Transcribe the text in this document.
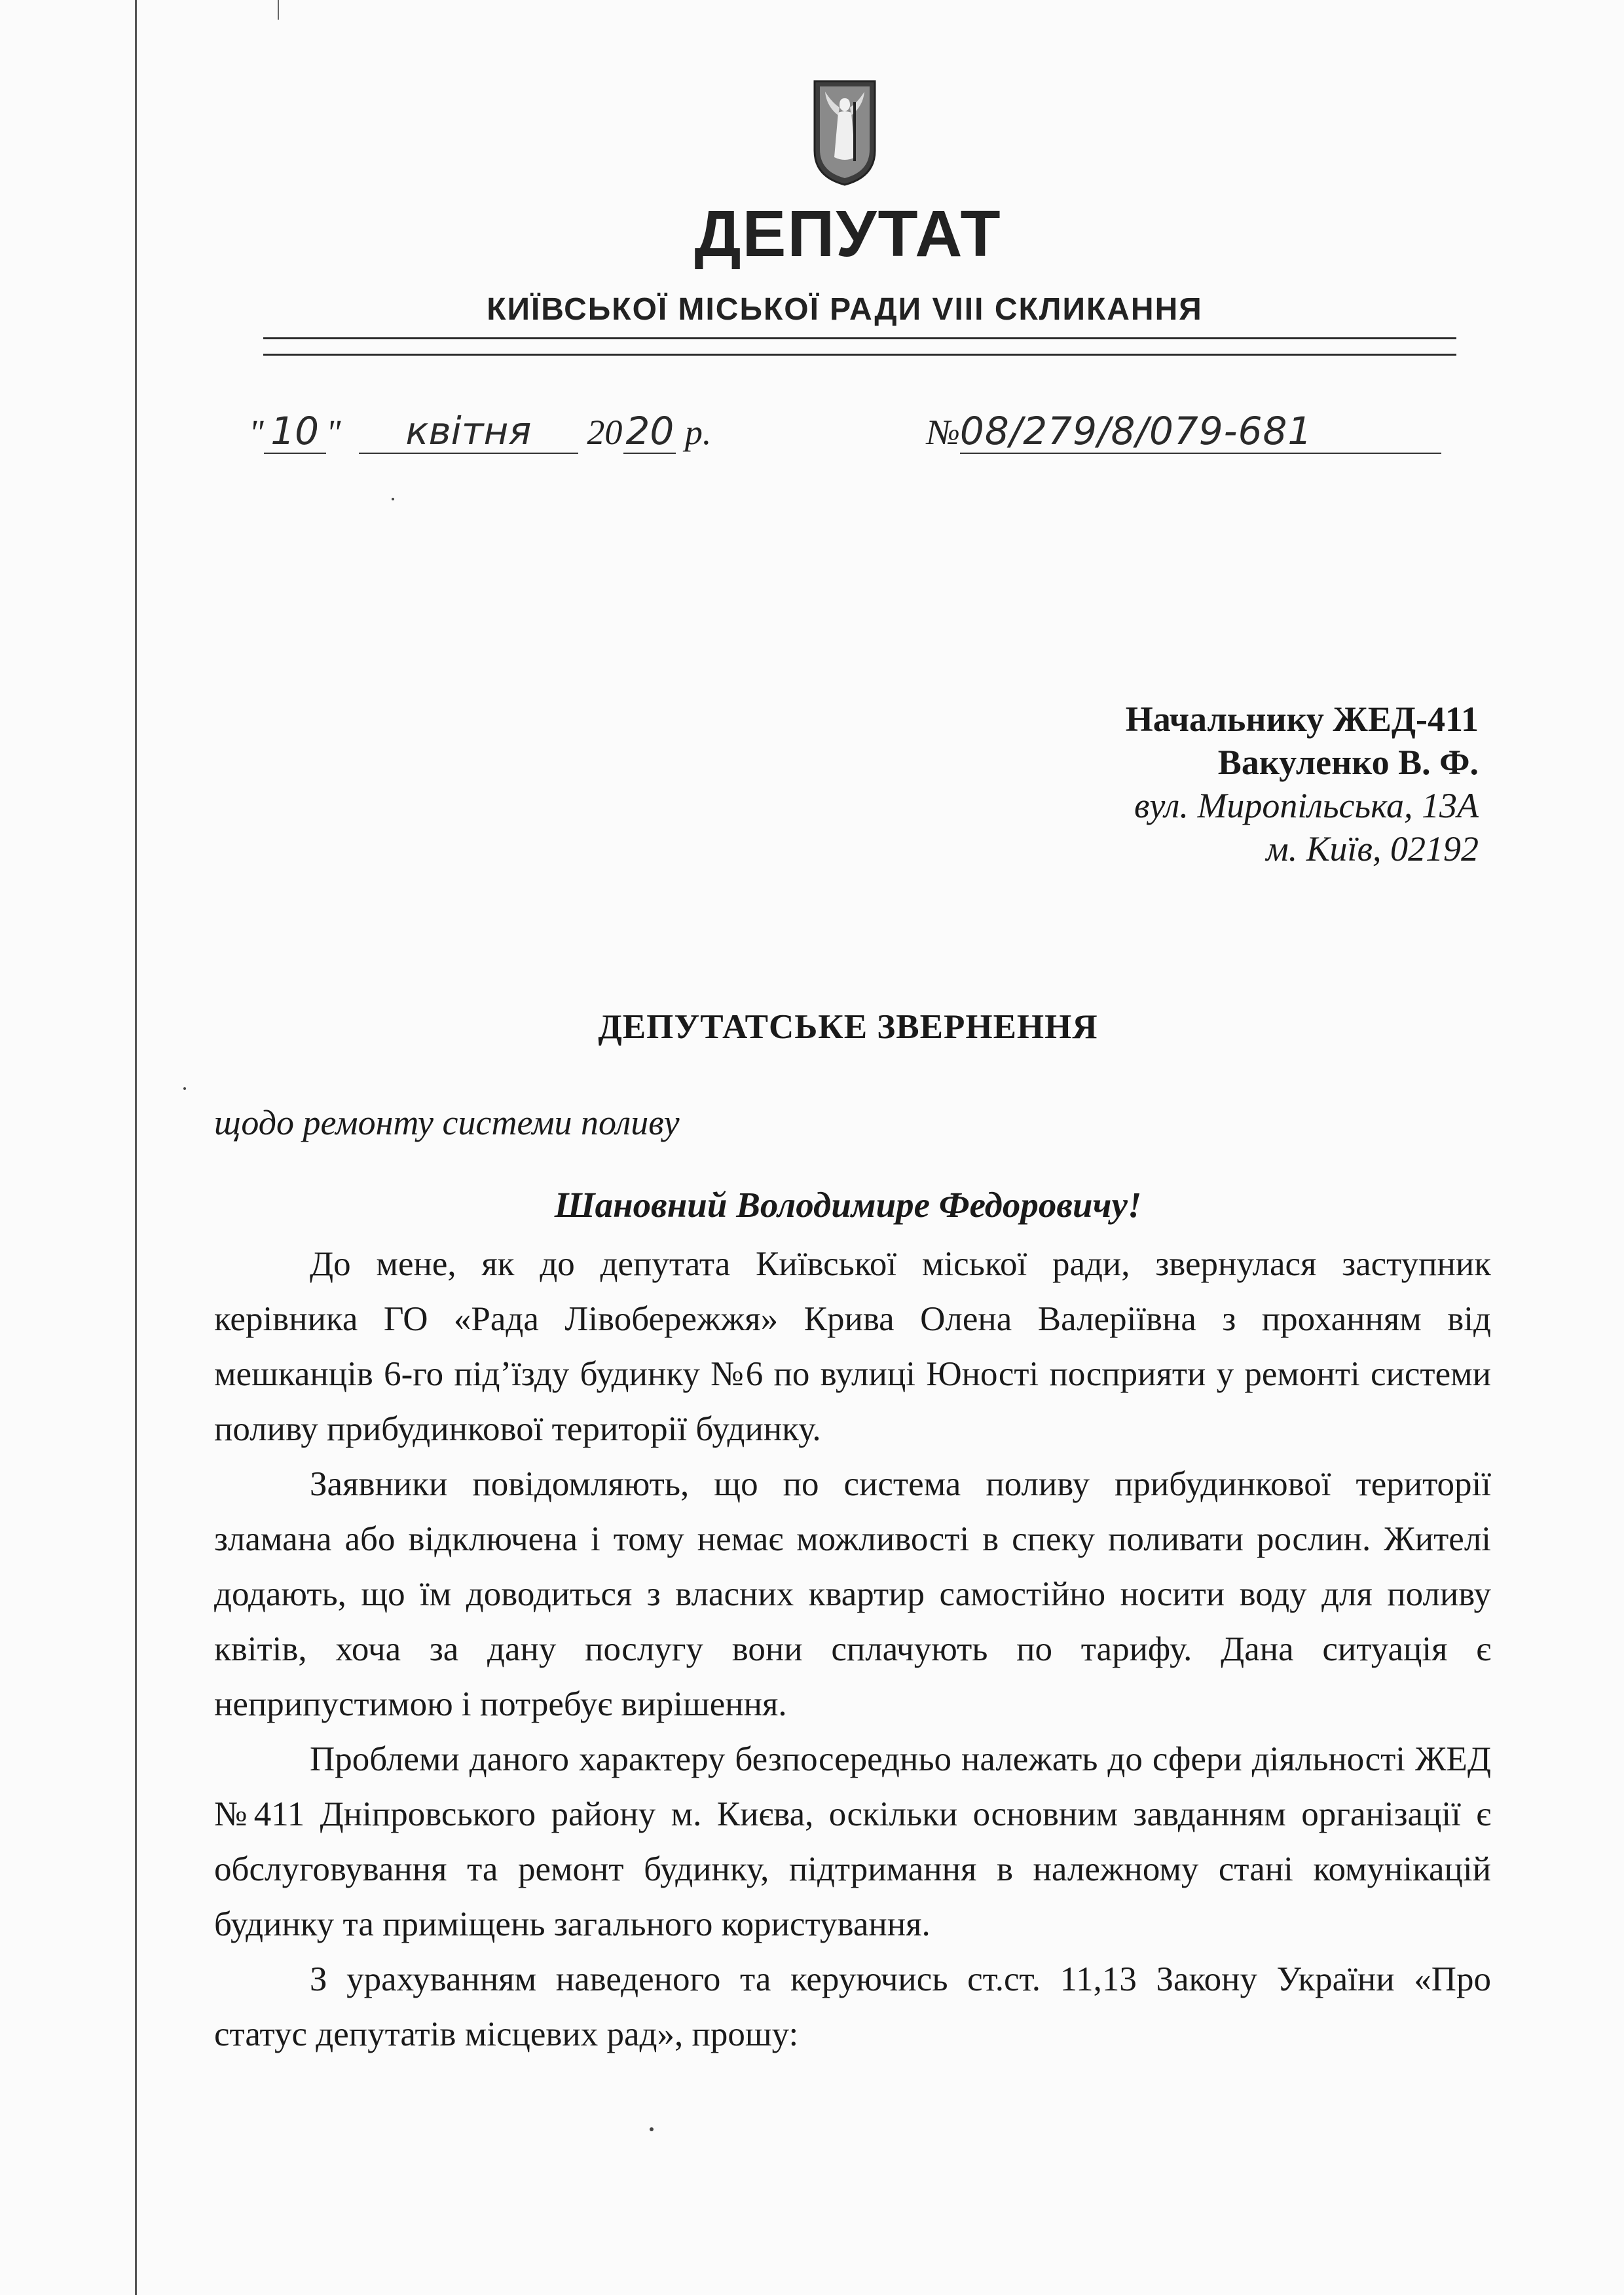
ДЕПУТАТ
КИЇВСЬКОЇ МІСЬКОЇ РАДИ VIII СКЛИКАННЯ
" 10 " квітня 2020 р.	№08/279/8/079-681
Начальнику ЖЕД-411
Вакуленко В. Ф.
вул. Миропільська, 13А
м. Київ, 02192
ДЕПУТАТСЬКЕ ЗВЕРНЕННЯ
щодо ремонту системи поливу
Шановний Володимире Федоровичу!

До мене, як до депутата Київської міської ради, звернулася заступник керівника ГО «Рада Лівобережжя» Крива Олена Валеріївна з проханням від мешканців 6-го під’їзду будинку №6 по вулиці Юності посприяти у ремонті системи поливу прибудинкової території будинку.

Заявники повідомляють, що по система поливу прибудинкової території зламана або відключена і тому немає можливості в спеку поливати рослин. Жителі додають, що їм доводиться з власних квартир самостійно носити воду для поливу квітів, хоча за дану послугу вони сплачують по тарифу. Дана ситуація є неприпустимою і потребує вирішення.

Проблеми даного характеру безпосередньо належать до сфери діяльності ЖЕД №411 Дніпровського району м. Києва, оскільки основним завданням організації є обслуговування та ремонт будинку, підтримання в належному стані комунікацій будинку та приміщень загального користування.

З урахуванням наведеного та керуючись ст.ст. 11,13 Закону України «Про статус депутатів місцевих рад», прошу:
